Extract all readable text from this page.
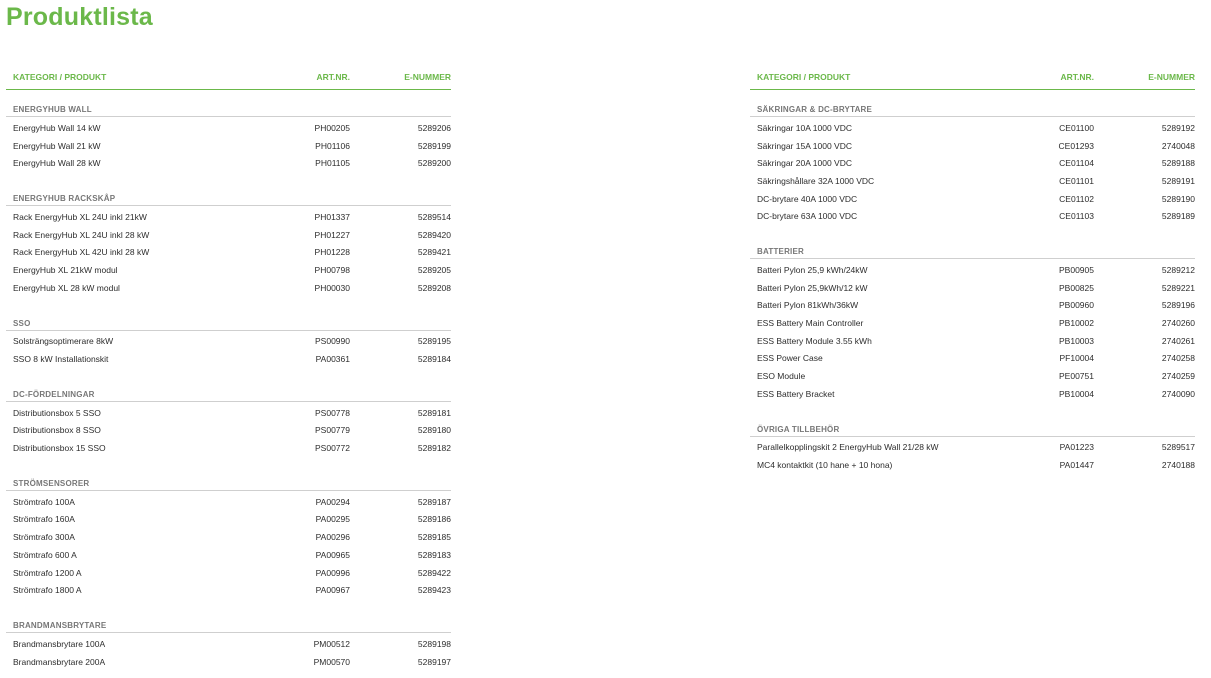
Produktlista
KATEGORI / PRODUKT	ART.NR.	E-NUMMER
ENERGYHUB WALL
EnergyHub Wall 14 kW	PH00205	5289206
EnergyHub Wall 21 kW	PH01106	5289199
EnergyHub Wall 28 kW	PH01105	5289200
ENERGYHUB RACKSKÅP
Rack EnergyHub XL 24U inkl 21kW	PH01337	5289514
Rack EnergyHub XL 24U inkl 28 kW	PH01227	5289420
Rack EnergyHub XL 42U inkl 28 kW	PH01228	5289421
EnergyHub XL 21kW modul	PH00798	5289205
EnergyHub XL 28 kW modul	PH00030	5289208
SSO
Solsträngsoptimerare 8kW	PS00990	5289195
SSO 8 kW Installationskit	PA00361	5289184
DC-FÖRDELNINGAR
Distributionsbox 5 SSO	PS00778	5289181
Distributionsbox 8 SSO	PS00779	5289180
Distributionsbox 15 SSO	PS00772	5289182
STRÖMSENSORER
Strömtrafo 100A	PA00294	5289187
Strömtrafo 160A	PA00295	5289186
Strömtrafo 300A	PA00296	5289185
Strömtrafo 600 A	PA00965	5289183
Strömtrafo 1200 A	PA00996	5289422
Strömtrafo 1800 A	PA00967	5289423
BRANDMANSBRYTARE
Brandmansbrytare 100A	PM00512	5289198
Brandmansbrytare 200A	PM00570	5289197
KATEGORI / PRODUKT	ART.NR.	E-NUMMER
SÄKRINGAR & DC-BRYTARE
Säkringar 10A 1000 VDC	CE01100	5289192
Säkringar 15A 1000 VDC	CE01293	2740048
Säkringar 20A 1000 VDC	CE01104	5289188
Säkringshållare 32A 1000 VDC	CE01101	5289191
DC-brytare 40A 1000 VDC	CE01102	5289190
DC-brytare 63A 1000 VDC	CE01103	5289189
BATTERIER
Batteri Pylon 25,9 kWh/24kW	PB00905	5289212
Batteri Pylon 25,9kWh/12 kW	PB00825	5289221
Batteri Pylon 81kWh/36kW	PB00960	5289196
ESS Battery Main Controller	PB10002	2740260
ESS Battery Module 3.55 kWh	PB10003	2740261
ESS Power Case	PF10004	2740258
ESO Module	PE00751	2740259
ESS Battery Bracket	PB10004	2740090
ÖVRIGA TILLBEHÖR
Parallelkopplingskit 2 EnergyHub Wall 21/28 kW	PA01223	5289517
MC4 kontaktkit (10 hane + 10 hona)	PA01447	2740188
